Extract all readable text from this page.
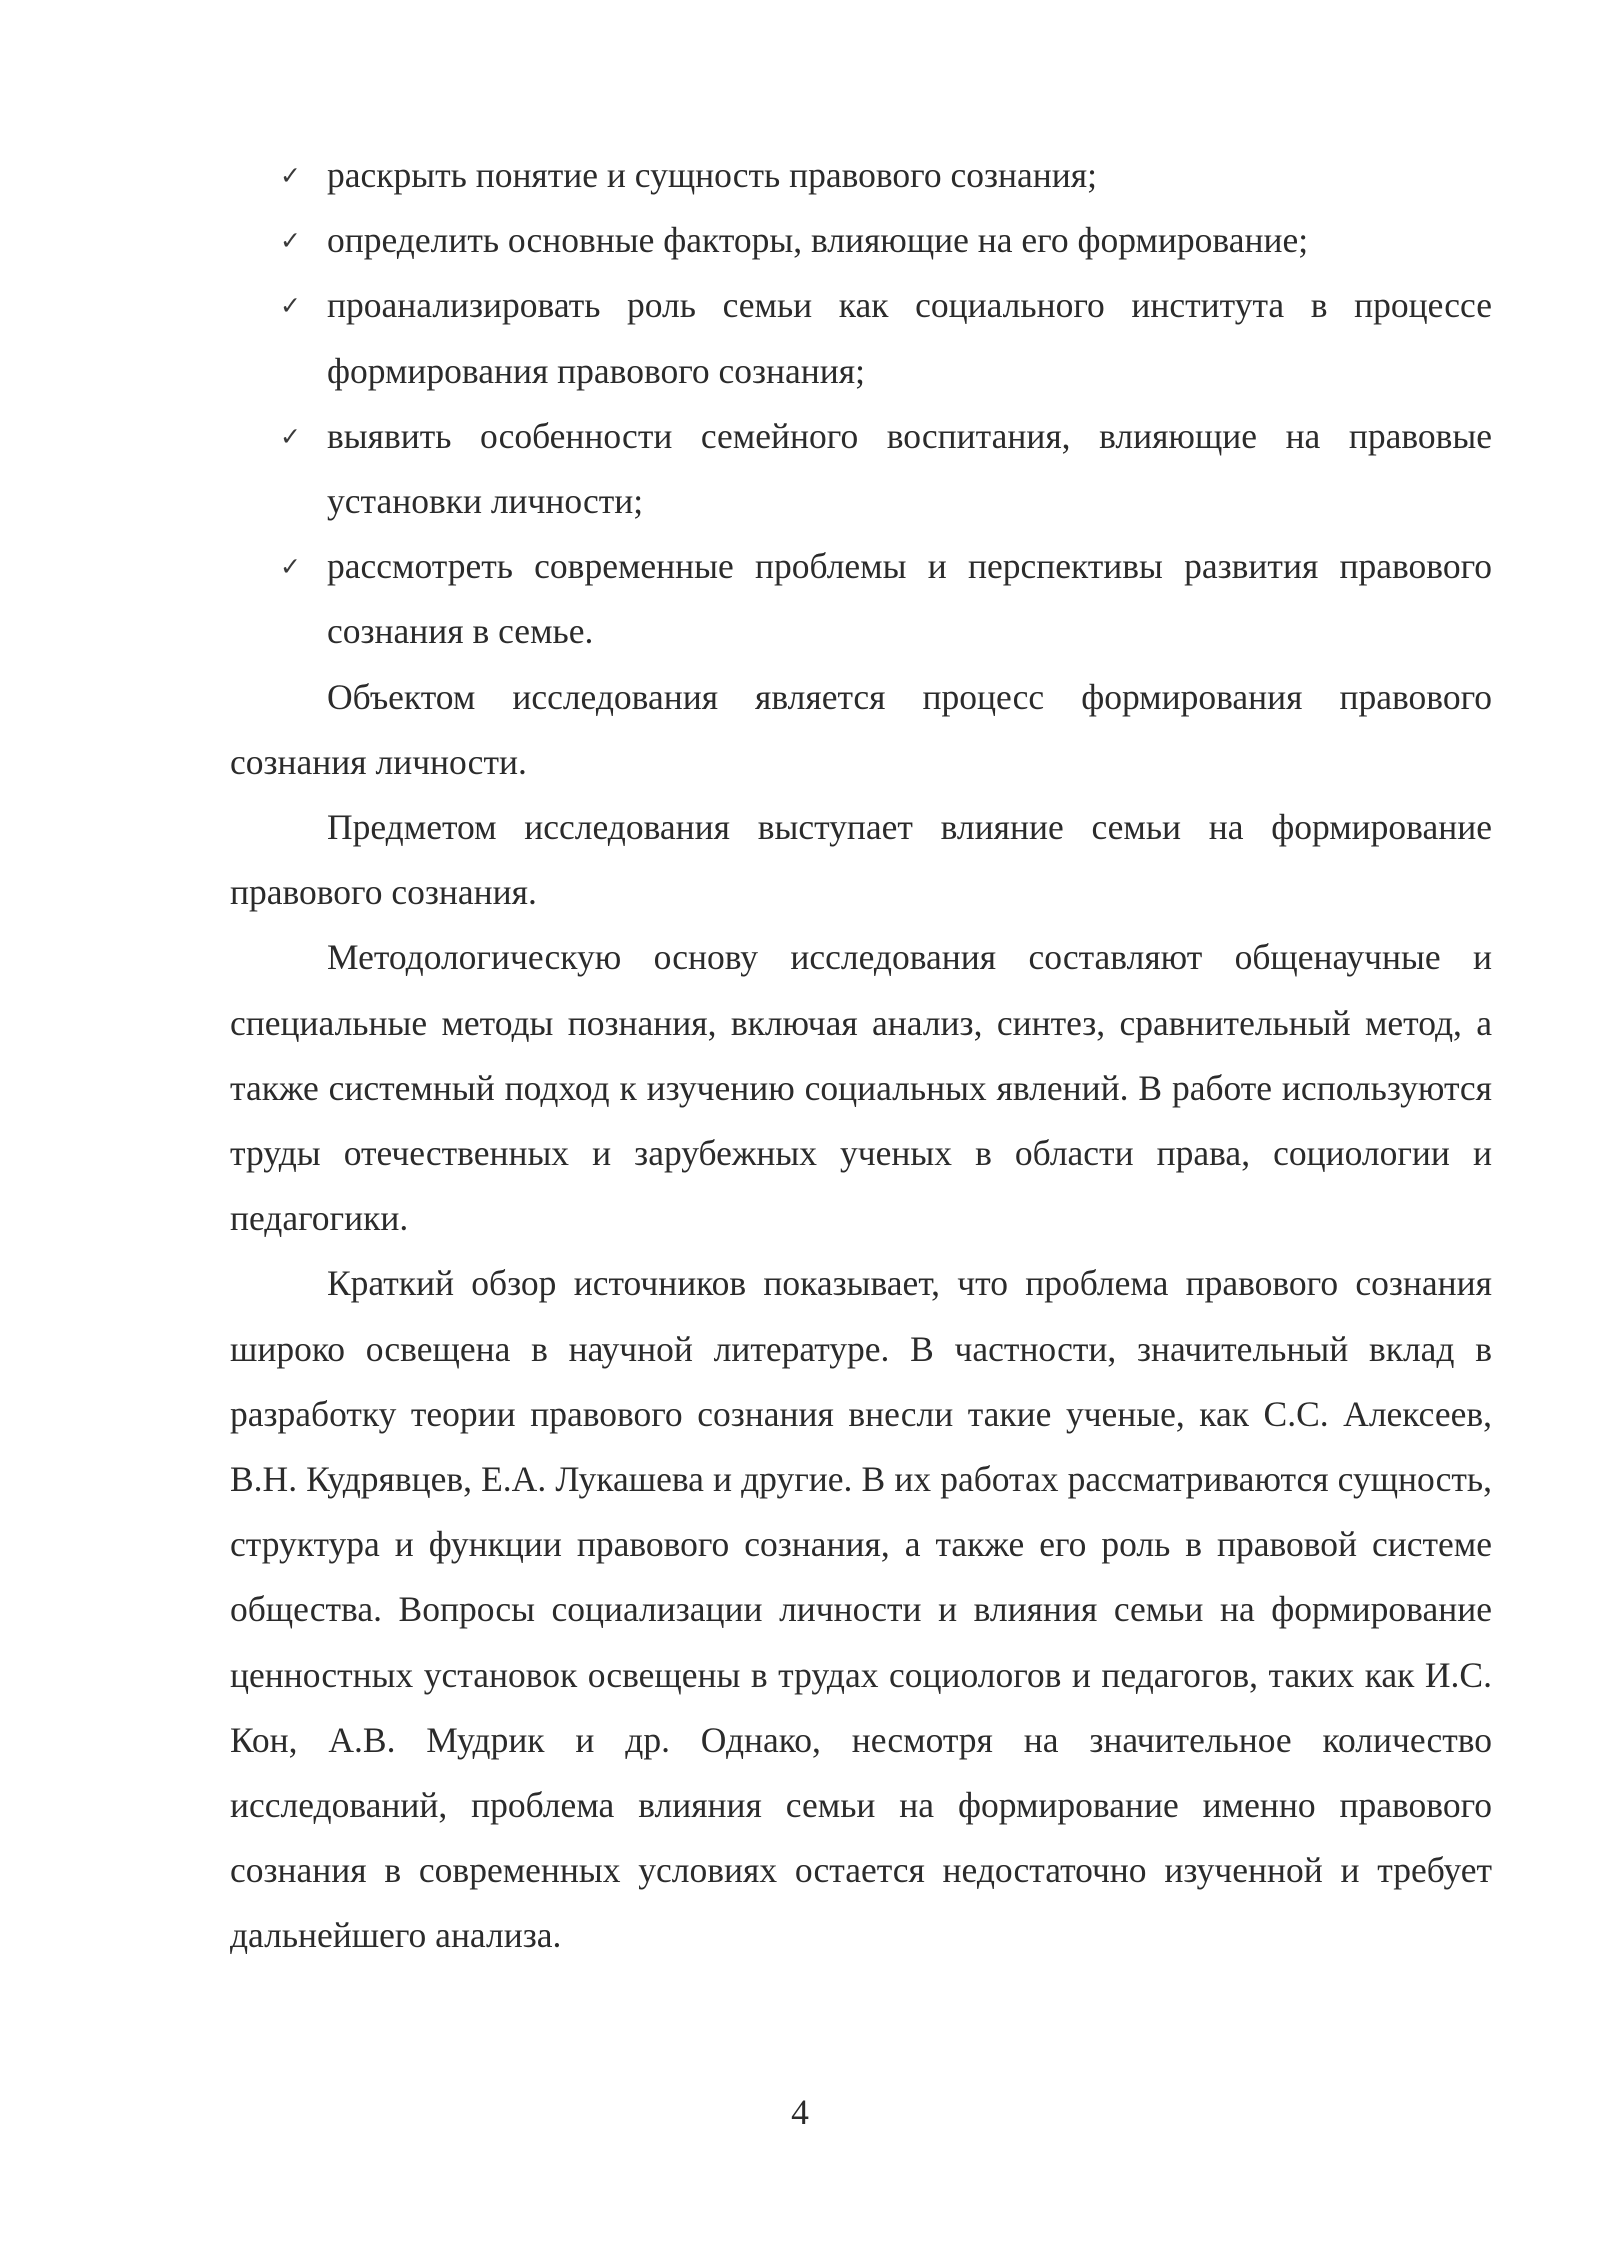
✓ раскрыть понятие и сущность правового сознания;
✓ определить основные факторы, влияющие на его формирование;
✓ проанализировать роль семьи как социального института в процессе формирования правового сознания;
✓ выявить особенности семейного воспитания, влияющие на правовые установки личности;
✓ рассмотреть современные проблемы и перспективы развития правового сознания в семье.

Объектом исследования является процесс формирования правового сознания личности.

Предметом исследования выступает влияние семьи на формирование правового сознания.

Методологическую основу исследования составляют общенаучные и специальные методы познания, включая анализ, синтез, сравнительный метод, а также системный подход к изучению социальных явлений. В работе используются труды отечественных и зарубежных ученых в области права, социологии и педагогики.

Краткий обзор источников показывает, что проблема правового сознания широко освещена в научной литературе. В частности, значительный вклад в разработку теории правового сознания внесли такие ученые, как С.С. Алексеев, В.Н. Кудрявцев, Е.А. Лукашева и другие. В их работах рассматриваются сущность, структура и функции правового сознания, а также его роль в правовой системе общества. Вопросы социализации личности и влияния семьи на формирование ценностных установок освещены в трудах социологов и педагогов, таких как И.С. Кон, А.В. Мудрик и др. Однако, несмотря на значительное количество исследований, проблема влияния семьи на формирование именно правового сознания в современных условиях остается недостаточно изученной и требует дальнейшего анализа.

4
